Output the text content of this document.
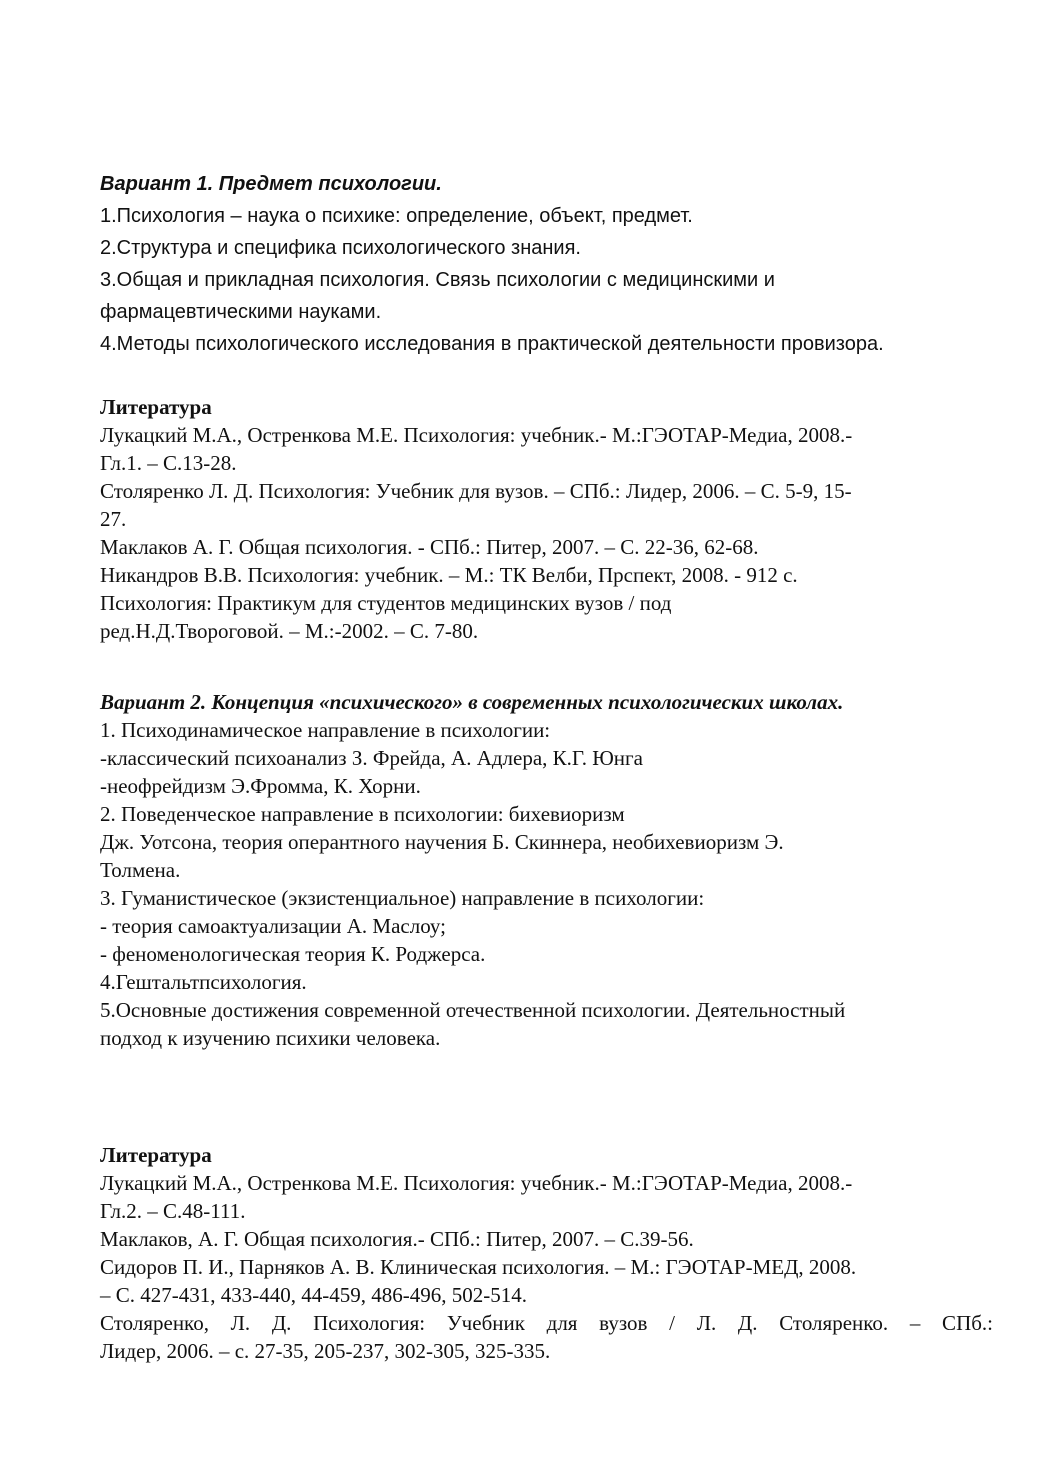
Вариант 1. Предмет психологии.
1.Психология – наука о психике: определение, объект, предмет.
2.Структура и специфика психологического знания.
3.Общая и прикладная психология. Связь психологии с медицинскими и
фармацевтическими науками.
4.Методы психологического исследования в практической деятельности провизора.
Литература
Лукацкий М.А., Остренкова М.Е. Психология: учебник.- М.:ГЭОТАР-Медиа, 2008.-
Гл.1. – С.13-28.
Столяренко Л. Д. Психология: Учебник для вузов. – СПб.: Лидер, 2006. – С. 5-9, 15-
27.
Маклаков А. Г. Общая психология. - СПб.: Питер, 2007. – С. 22-36, 62-68.
Никандров В.В. Психология: учебник. – М.: ТК Велби, Прспект, 2008. - 912 с.
Психология: Практикум для студентов медицинских вузов / под
ред.Н.Д.Твороговой. – М.:-2002. – С. 7-80.
Вариант 2. Концепция «психического» в современных психологических школах.
1. Психодинамическое направление в психологии:
-классический психоанализ З. Фрейда, А. Адлера, К.Г. Юнга
-неофрейдизм Э.Фромма, К. Хорни.
2. Поведенческое направление в психологии: бихевиоризм
Дж. Уотсона, теория оперантного научения Б. Скиннера, необихевиоризм Э.
Толмена.
3. Гуманистическое (экзистенциальное) направление в психологии:
- теория самоактуализации А. Маслоу;
- феноменологическая теория К. Роджерса.
4.Гештальтпсихология.
5.Основные достижения современной отечественной психологии. Деятельностный
подход к изучению психики человека.
Литература
Лукацкий М.А., Остренкова М.Е. Психология: учебник.- М.:ГЭОТАР-Медиа, 2008.-
Гл.2. – С.48-111.
Маклаков, А. Г. Общая психология.- СПб.: Питер, 2007. – С.39-56.
Сидоров П. И., Парняков А. В. Клиническая психология. – М.: ГЭОТАР-МЕД, 2008.
– С. 427-431, 433-440, 44-459, 486-496, 502-514.
Столяренко, Л. Д. Психология: Учебник для вузов / Л. Д. Столяренко. – СПб.:
Лидер, 2006. – с. 27-35, 205-237, 302-305, 325-335.
